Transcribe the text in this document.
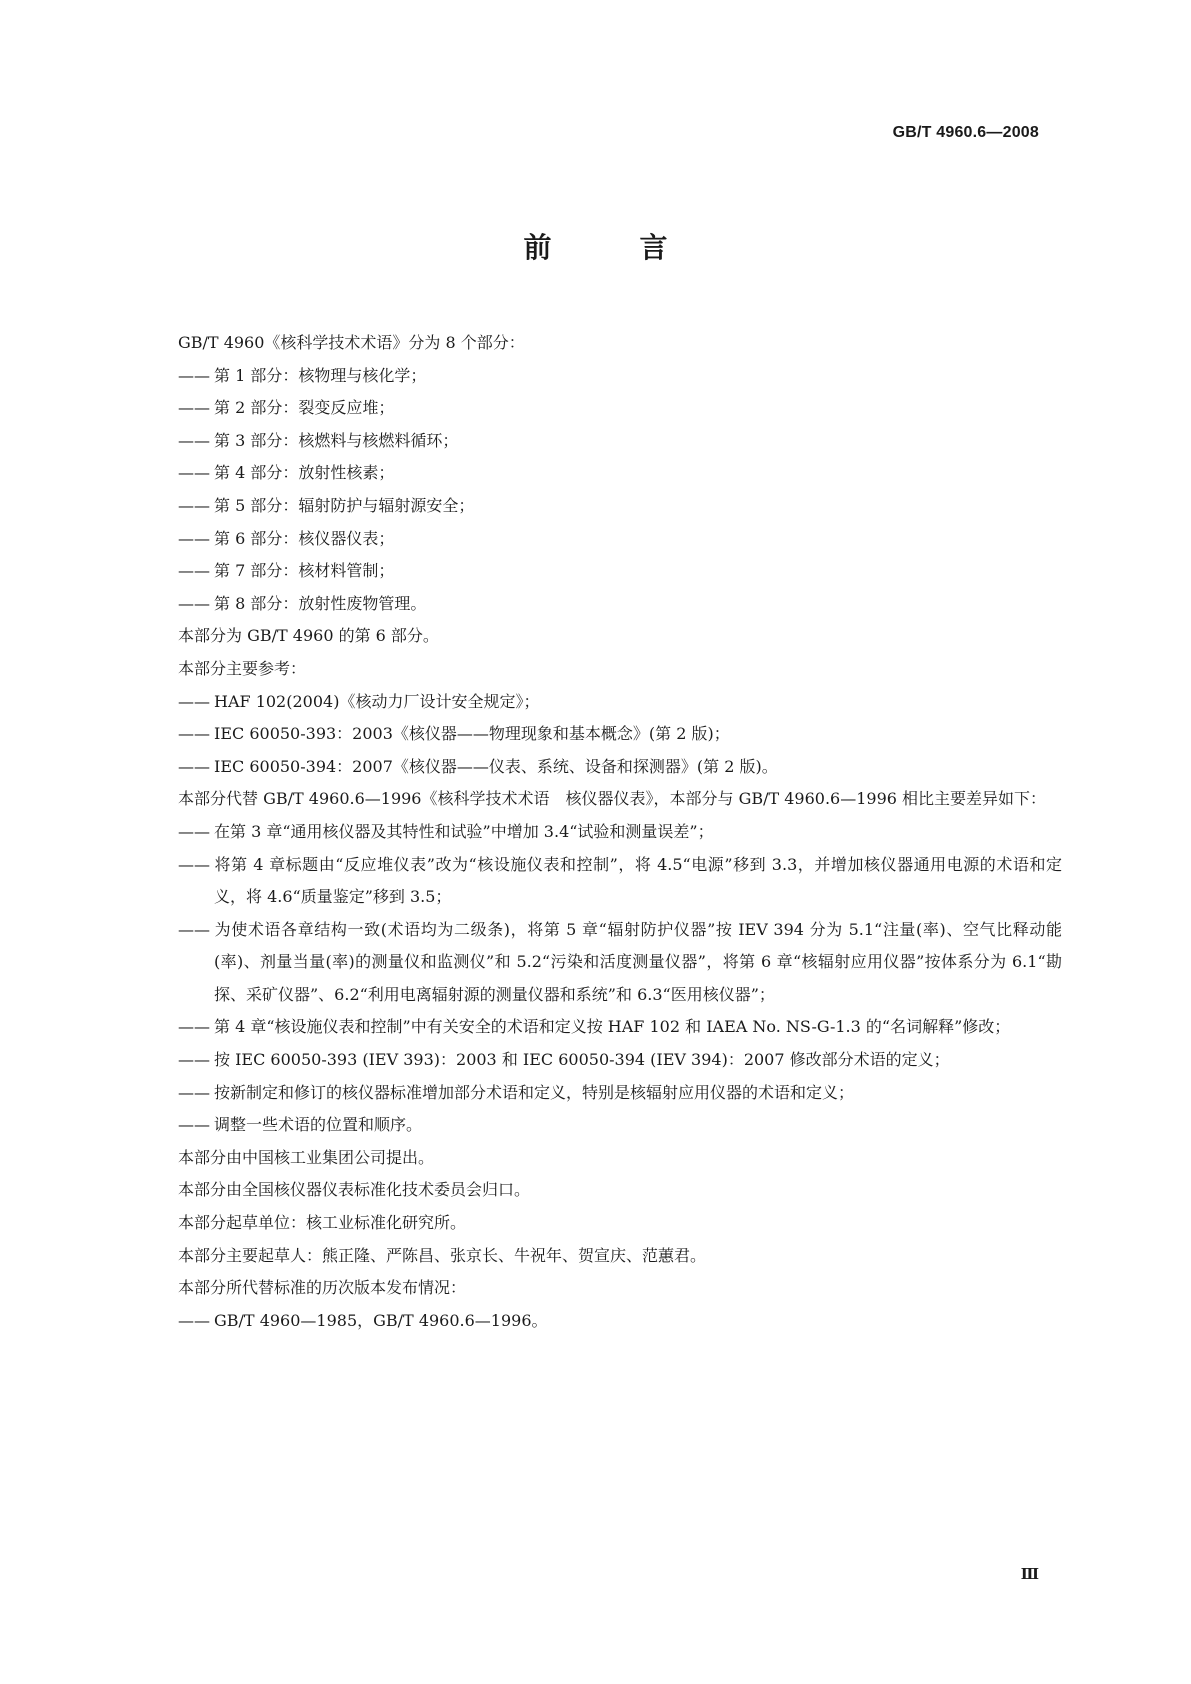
GB/T 4960.6—2008
前　言

GB/T 4960《核科学技术术语》分为 8 个部分：

—— 第 1 部分：核物理与核化学；

—— 第 2 部分：裂变反应堆；

—— 第 3 部分：核燃料与核燃料循环；

—— 第 4 部分：放射性核素；

—— 第 5 部分：辐射防护与辐射源安全；

—— 第 6 部分：核仪器仪表；

—— 第 7 部分：核材料管制；

—— 第 8 部分：放射性废物管理。

本部分为 GB/T 4960 的第 6 部分。

本部分主要参考：

—— HAF 102(2004)《核动力厂设计安全规定》；

—— IEC 60050-393：2003《核仪器——物理现象和基本概念》(第 2 版)；

—— IEC 60050-394：2007《核仪器——仪表、系统、设备和探测器》(第 2 版)。

本部分代替 GB/T 4960.6—1996《核科学技术术语　核仪器仪表》，本部分与 GB/T 4960.6—1996 相比主要差异如下：

—— 在第 3 章“通用核仪器及其特性和试验”中增加 3.4“试验和测量误差”；

—— 将第 4 章标题由“反应堆仪表”改为“核设施仪表和控制”，将 4.5“电源”移到 3.3，并增加核仪器通用电源的术语和定义，将 4.6“质量鉴定”移到 3.5；

—— 为使术语各章结构一致(术语均为二级条)，将第 5 章“辐射防护仪器”按 IEV 394 分为 5.1“注量(率)、空气比释动能(率)、剂量当量(率)的测量仪和监测仪”和 5.2“污染和活度测量仪器”，将第 6 章“核辐射应用仪器”按体系分为 6.1“勘探、采矿仪器”、6.2“利用电离辐射源的测量仪器和系统”和 6.3“医用核仪器”；

—— 第 4 章“核设施仪表和控制”中有关安全的术语和定义按 HAF 102 和 IAEA No. NS-G-1.3 的“名词解释”修改；

—— 按 IEC 60050-393 (IEV 393)：2003 和 IEC 60050-394 (IEV 394)：2007 修改部分术语的定义；

—— 按新制定和修订的核仪器标准增加部分术语和定义，特别是核辐射应用仪器的术语和定义；

—— 调整一些术语的位置和顺序。

本部分由中国核工业集团公司提出。

本部分由全国核仪器仪表标准化技术委员会归口。

本部分起草单位：核工业标准化研究所。

本部分主要起草人：熊正隆、严陈昌、张京长、牛祝年、贺宣庆、范蕙君。

本部分所代替标准的历次版本发布情况：

—— GB/T 4960—1985，GB/T 4960.6—1996。

Ⅲ
